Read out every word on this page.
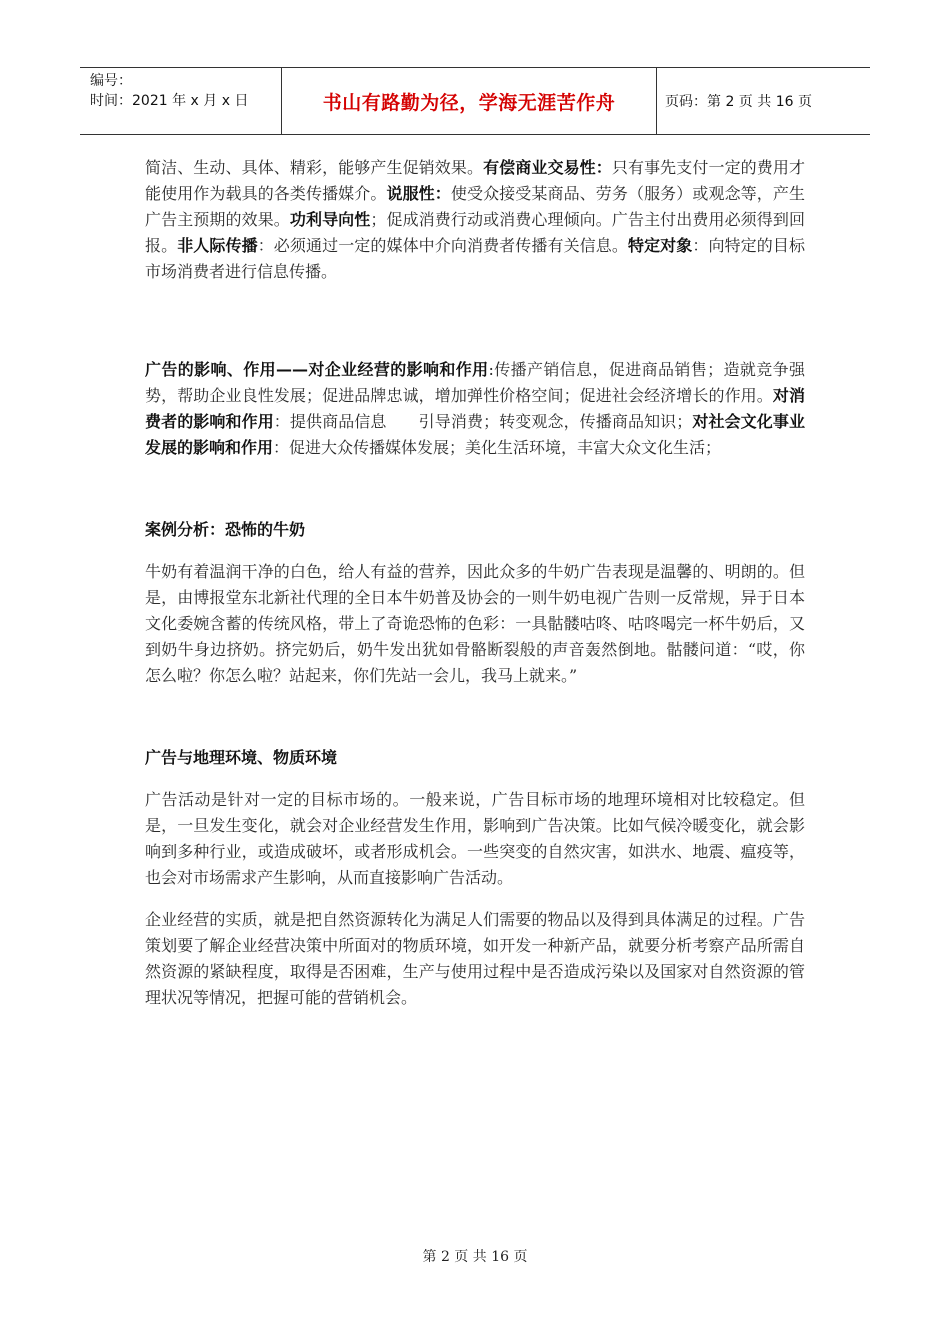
编号：
时间：2021 年 x 月 x 日	书山有路勤为径，学海无涯苦作舟	页码：第 2 页 共 16 页

简洁、生动、具体、精彩，能够产生促销效果。有偿商业交易性：只有事先支付一定的费用才能使用作为载具的各类传播媒介。说服性：使受众接受某商品、劳务（服务）或观念等，产生广告主预期的效果。功利导向性；促成消费行动或消费心理倾向。广告主付出费用必须得到回报。非人际传播：必须通过一定的媒体中介向消费者传播有关信息。特定对象：向特定的目标市场消费者进行信息传播。

广告的影响、作用——对企业经营的影响和作用:传播产销信息，促进商品销售；造就竞争强势，帮助企业良性发展；促进品牌忠诚，增加弹性价格空间；促进社会经济增长的作用。对消费者的影响和作用：提供商品信息　　引导消费；转变观念，传播商品知识；对社会文化事业发展的影响和作用：促进大众传播媒体发展；美化生活环境，丰富大众文化生活；

案例分析：恐怖的牛奶

牛奶有着温润干净的白色，给人有益的营养，因此众多的牛奶广告表现是温馨的、明朗的。但是，由博报堂东北新社代理的全日本牛奶普及协会的一则牛奶电视广告则一反常规，异于日本文化委婉含蓄的传统风格，带上了奇诡恐怖的色彩：一具骷髅咕咚、咕咚喝完一杯牛奶后，又到奶牛身边挤奶。挤完奶后，奶牛发出犹如骨骼断裂般的声音轰然倒地。骷髅问道：“哎，你怎么啦？你怎么啦？站起来，你们先站一会儿，我马上就来。”

广告与地理环境、物质环境

广告活动是针对一定的目标市场的。一般来说，广告目标市场的地理环境相对比较稳定。但是，一旦发生变化，就会对企业经营发生作用，影响到广告决策。比如气候冷暖变化，就会影响到多种行业，或造成破坏，或者形成机会。一些突变的自然灾害，如洪水、地震、瘟疫等，也会对市场需求产生影响，从而直接影响广告活动。

企业经营的实质，就是把自然资源转化为满足人们需要的物品以及得到具体满足的过程。广告策划要了解企业经营决策中所面对的物质环境，如开发一种新产品，就要分析考察产品所需自然资源的紧缺程度，取得是否困难，生产与使用过程中是否造成污染以及国家对自然资源的管理状况等情况，把握可能的营销机会。

第 2 页 共 16 页
